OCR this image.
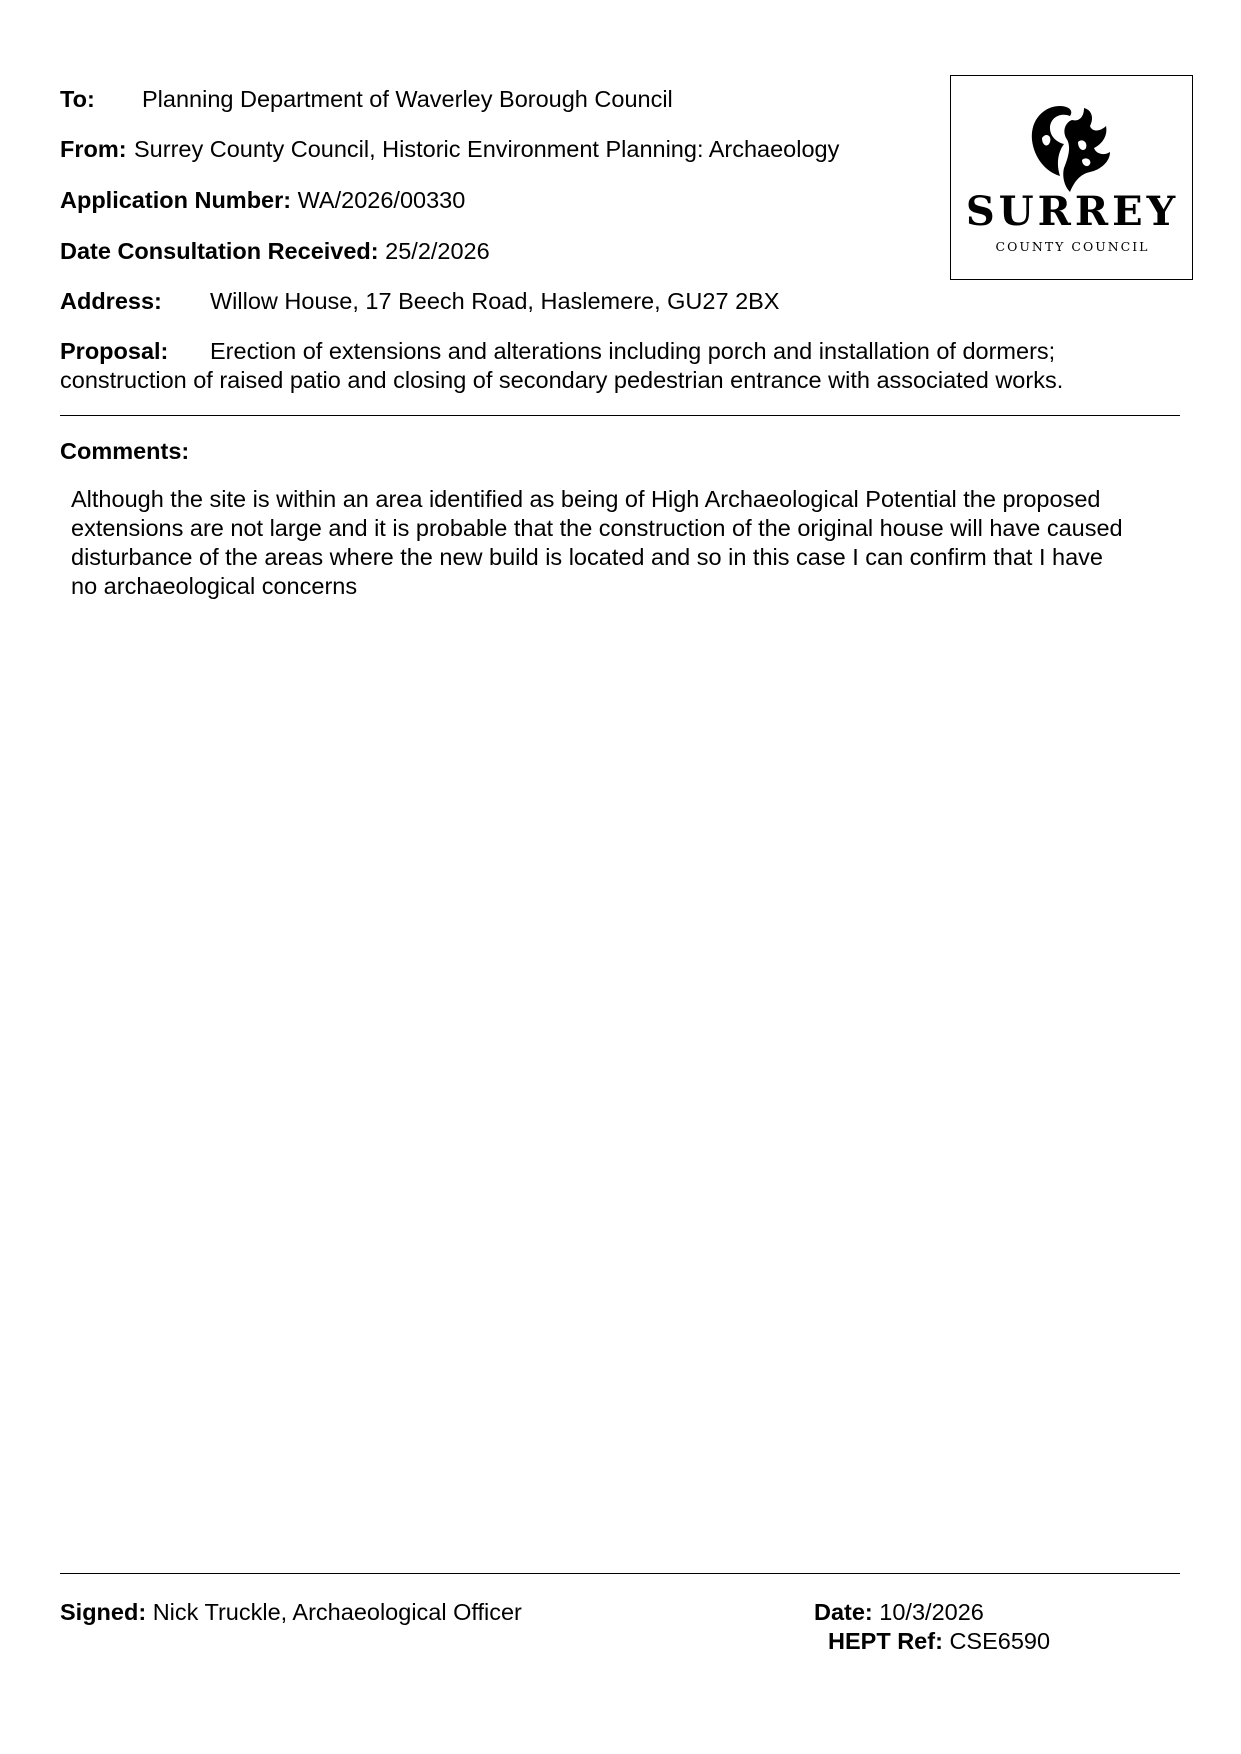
To: Planning Department of Waverley Borough Council
From: Surrey County Council, Historic Environment Planning: Archaeology
Application Number: WA/2026/00330
Date Consultation Received: 25/2/2026
Address: Willow House, 17 Beech Road, Haslemere, GU27 2BX
Proposal: Erection of extensions and alterations including porch and installation of dormers;
construction of raised patio and closing of secondary pedestrian entrance with associated works.
Comments:
Although the site is within an area identified as being of High Archaeological Potential the proposed
extensions are not large and it is probable that the construction of the original house will have caused
disturbance of the areas where the new build is located and so in this case I can confirm that I have
no archaeological concerns
Signed: Nick Truckle, Archaeological Officer	Date: 10/3/2026
HEPT Ref: CSE6590
SURREY
COUNTY COUNCIL
